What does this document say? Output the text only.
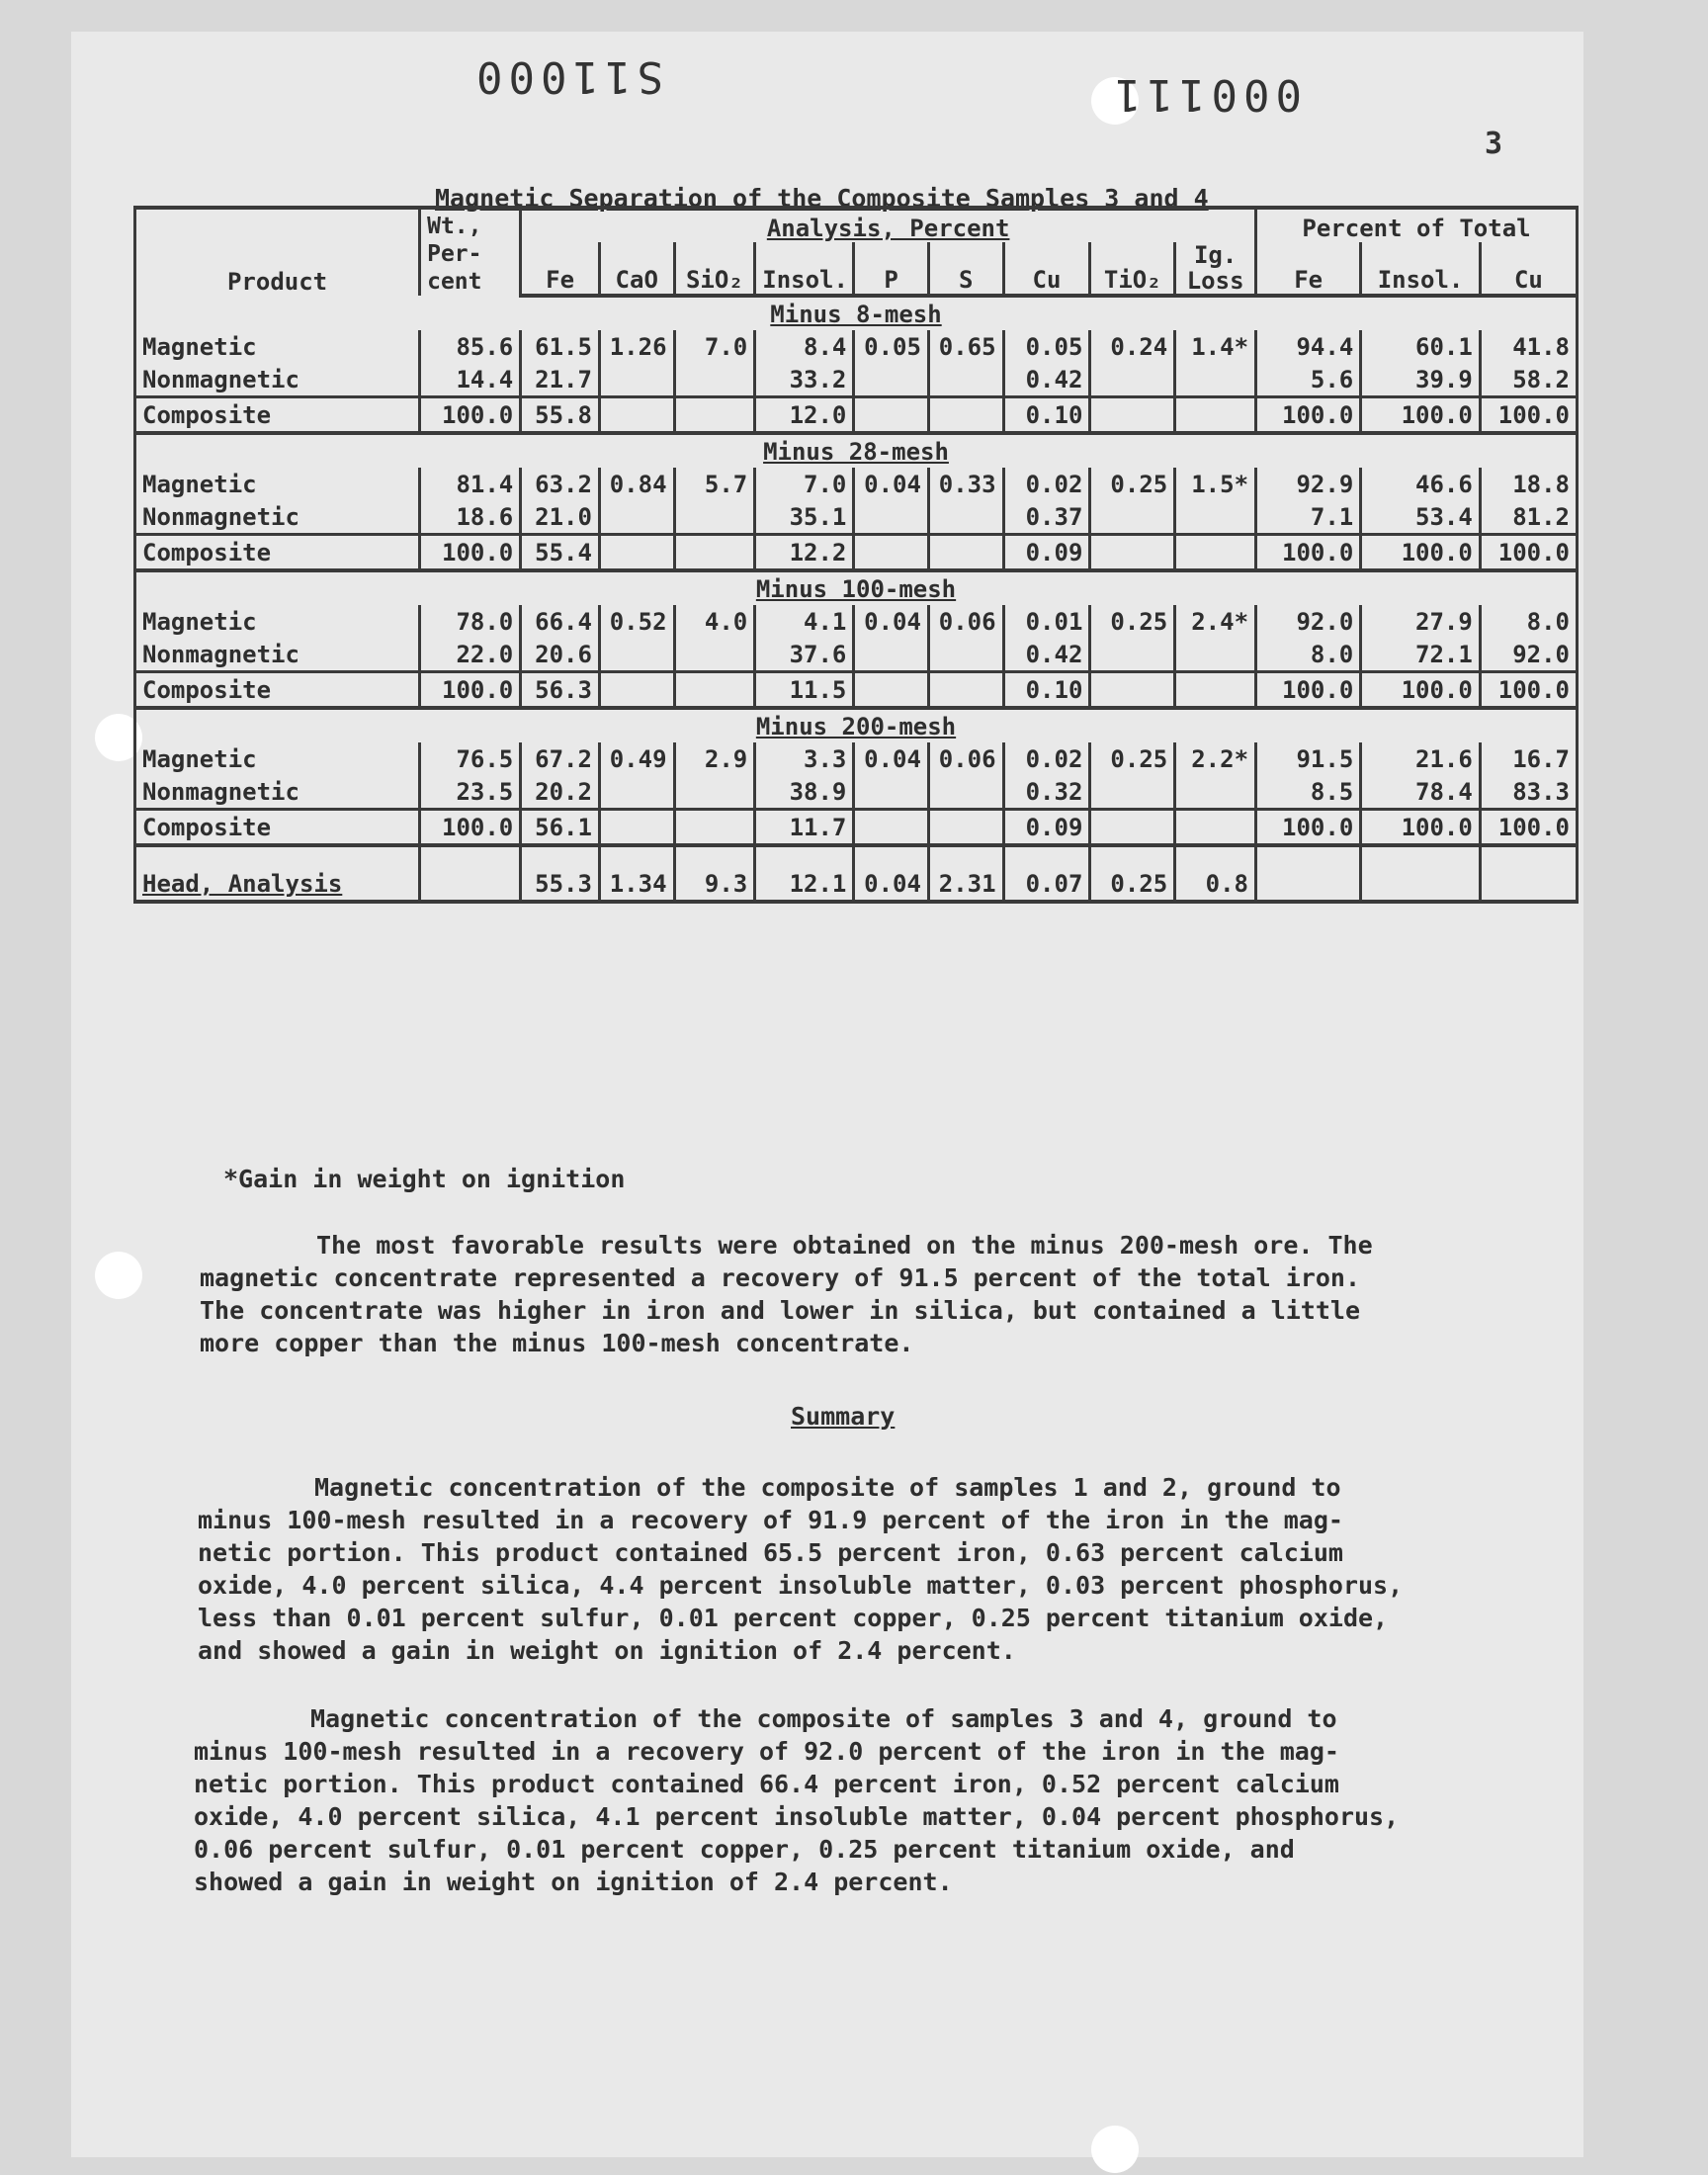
S11000	000111
3
Magnetic Separation of the Composite Samples 3 and 4
Product	Wt., Per- cent	Analysis, Percent									Percent of Total		
		Fe	CaO	SiO₂	Insol.	P	S	Cu	TiO₂	Ig. Loss	Fe	Insol.	Cu
Minus 8-mesh													
Magnetic	85.6	61.5	1.26	7.0	8.4	0.05	0.65	0.05	0.24	1.4*	94.4	60.1	41.8
Nonmagnetic	14.4	21.7			33.2			0.42			5.6	39.9	58.2
Composite	100.0	55.8			12.0			0.10			100.0	100.0	100.0
Minus 28-mesh													
Magnetic	81.4	63.2	0.84	5.7	7.0	0.04	0.33	0.02	0.25	1.5*	92.9	46.6	18.8
Nonmagnetic	18.6	21.0			35.1			0.37			7.1	53.4	81.2
Composite	100.0	55.4			12.2			0.09			100.0	100.0	100.0
Minus 100-mesh													
Magnetic	78.0	66.4	0.52	4.0	4.1	0.04	0.06	0.01	0.25	2.4*	92.0	27.9	8.0
Nonmagnetic	22.0	20.6			37.6			0.42			8.0	72.1	92.0
Composite	100.0	56.3			11.5			0.10			100.0	100.0	100.0
Minus 200-mesh													
Magnetic	76.5	67.2	0.49	2.9	3.3	0.04	0.06	0.02	0.25	2.2*	91.5	21.6	16.7
Nonmagnetic	23.5	20.2			38.9			0.32			8.5	78.4	83.3
Composite	100.0	56.1			11.7			0.09			100.0	100.0	100.0

Head, Analysis		55.3	1.34	9.3	12.1	0.04	2.31	0.07	0.25	0.8			
*Gain in weight on ignition
The most favorable results were obtained on the minus 200-mesh ore. The
magnetic concentrate represented a recovery of 91.5 percent of the total iron.
The concentrate was higher in iron and lower in silica, but contained a little
more copper than the minus 100-mesh concentrate.
Summary
Magnetic concentration of the composite of samples 1 and 2, ground to
minus 100-mesh resulted in a recovery of 91.9 percent of the iron in the mag-
netic portion. This product contained 65.5 percent iron, 0.63 percent calcium
oxide, 4.0 percent silica, 4.4 percent insoluble matter, 0.03 percent phosphorus,
less than 0.01 percent sulfur, 0.01 percent copper, 0.25 percent titanium oxide,
and showed a gain in weight on ignition of 2.4 percent.
Magnetic concentration of the composite of samples 3 and 4, ground to
minus 100-mesh resulted in a recovery of 92.0 percent of the iron in the mag-
netic portion. This product contained 66.4 percent iron, 0.52 percent calcium
oxide, 4.0 percent silica, 4.1 percent insoluble matter, 0.04 percent phosphorus,
0.06 percent sulfur, 0.01 percent copper, 0.25 percent titanium oxide, and
showed a gain in weight on ignition of 2.4 percent.
